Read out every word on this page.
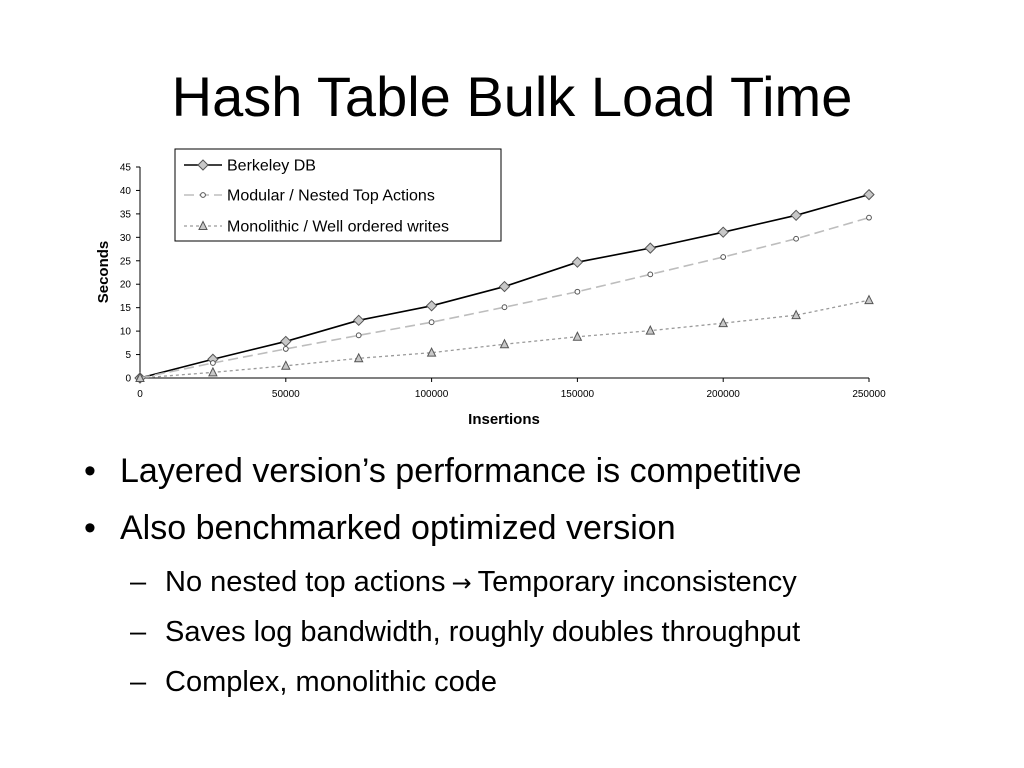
Hash Table Bulk Load Time
0
5
10
15
20
25
30
35
40
45
0	50000	100000	150000	200000	250000
Seconds
Insertions
Berkeley DB
Modular / Nested Top Actions
Monolithic / Well ordered writes
• Layered version’s performance is competitive
• Also benchmarked optimized version
– No nested top actions → Temporary inconsistency
– Saves log bandwidth, roughly doubles throughput
– Complex, monolithic code
